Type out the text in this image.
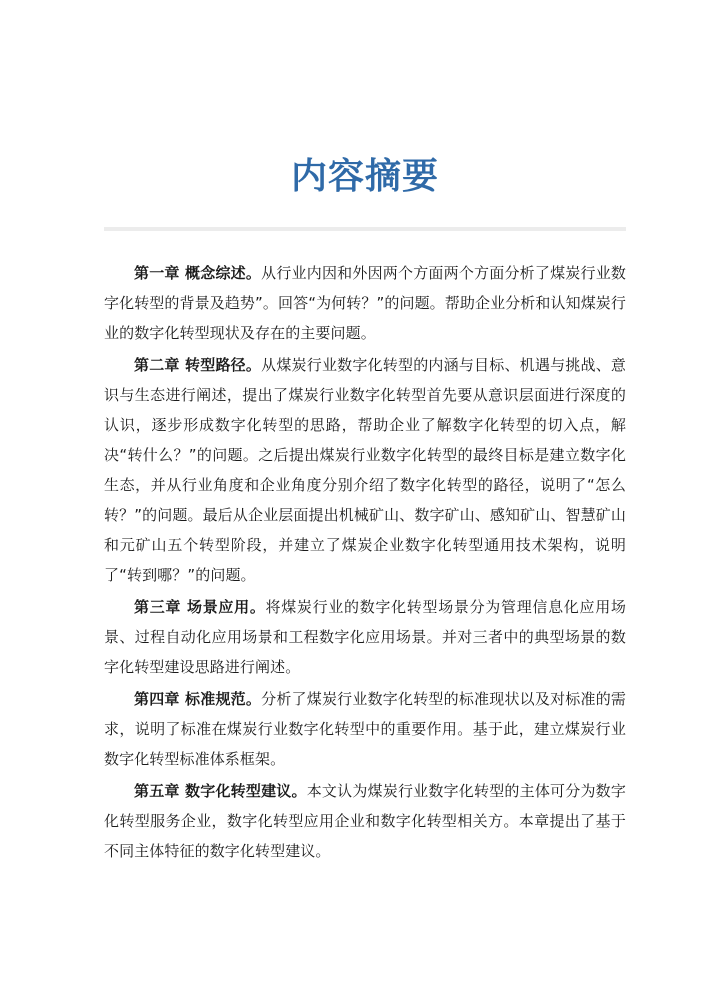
内容摘要

第一章 概念综述。从行业内因和外因两个方面两个方面分析了煤炭行业数字化转型的背景及趋势”。回答“为何转？”的问题。帮助企业分析和认知煤炭行业的数字化转型现状及存在的主要问题。

第二章 转型路径。从煤炭行业数字化转型的内涵与目标、机遇与挑战、意识与生态进行阐述，提出了煤炭行业数字化转型首先要从意识层面进行深度的认识，逐步形成数字化转型的思路，帮助企业了解数字化转型的切入点，解决“转什么？”的问题。之后提出煤炭行业数字化转型的最终目标是建立数字化生态，并从行业角度和企业角度分别介绍了数字化转型的路径，说明了“怎么转？”的问题。最后从企业层面提出机械矿山、数字矿山、感知矿山、智慧矿山和元矿山五个转型阶段，并建立了煤炭企业数字化转型通用技术架构，说明了“转到哪？”的问题。

第三章 场景应用。将煤炭行业的数字化转型场景分为管理信息化应用场景、过程自动化应用场景和工程数字化应用场景。并对三者中的典型场景的数字化转型建设思路进行阐述。

第四章 标准规范。分析了煤炭行业数字化转型的标准现状以及对标准的需求，说明了标准在煤炭行业数字化转型中的重要作用。基于此，建立煤炭行业数字化转型标准体系框架。

第五章 数字化转型建议。本文认为煤炭行业数字化转型的主体可分为数字化转型服务企业，数字化转型应用企业和数字化转型相关方。本章提出了基于不同主体特征的数字化转型建议。
